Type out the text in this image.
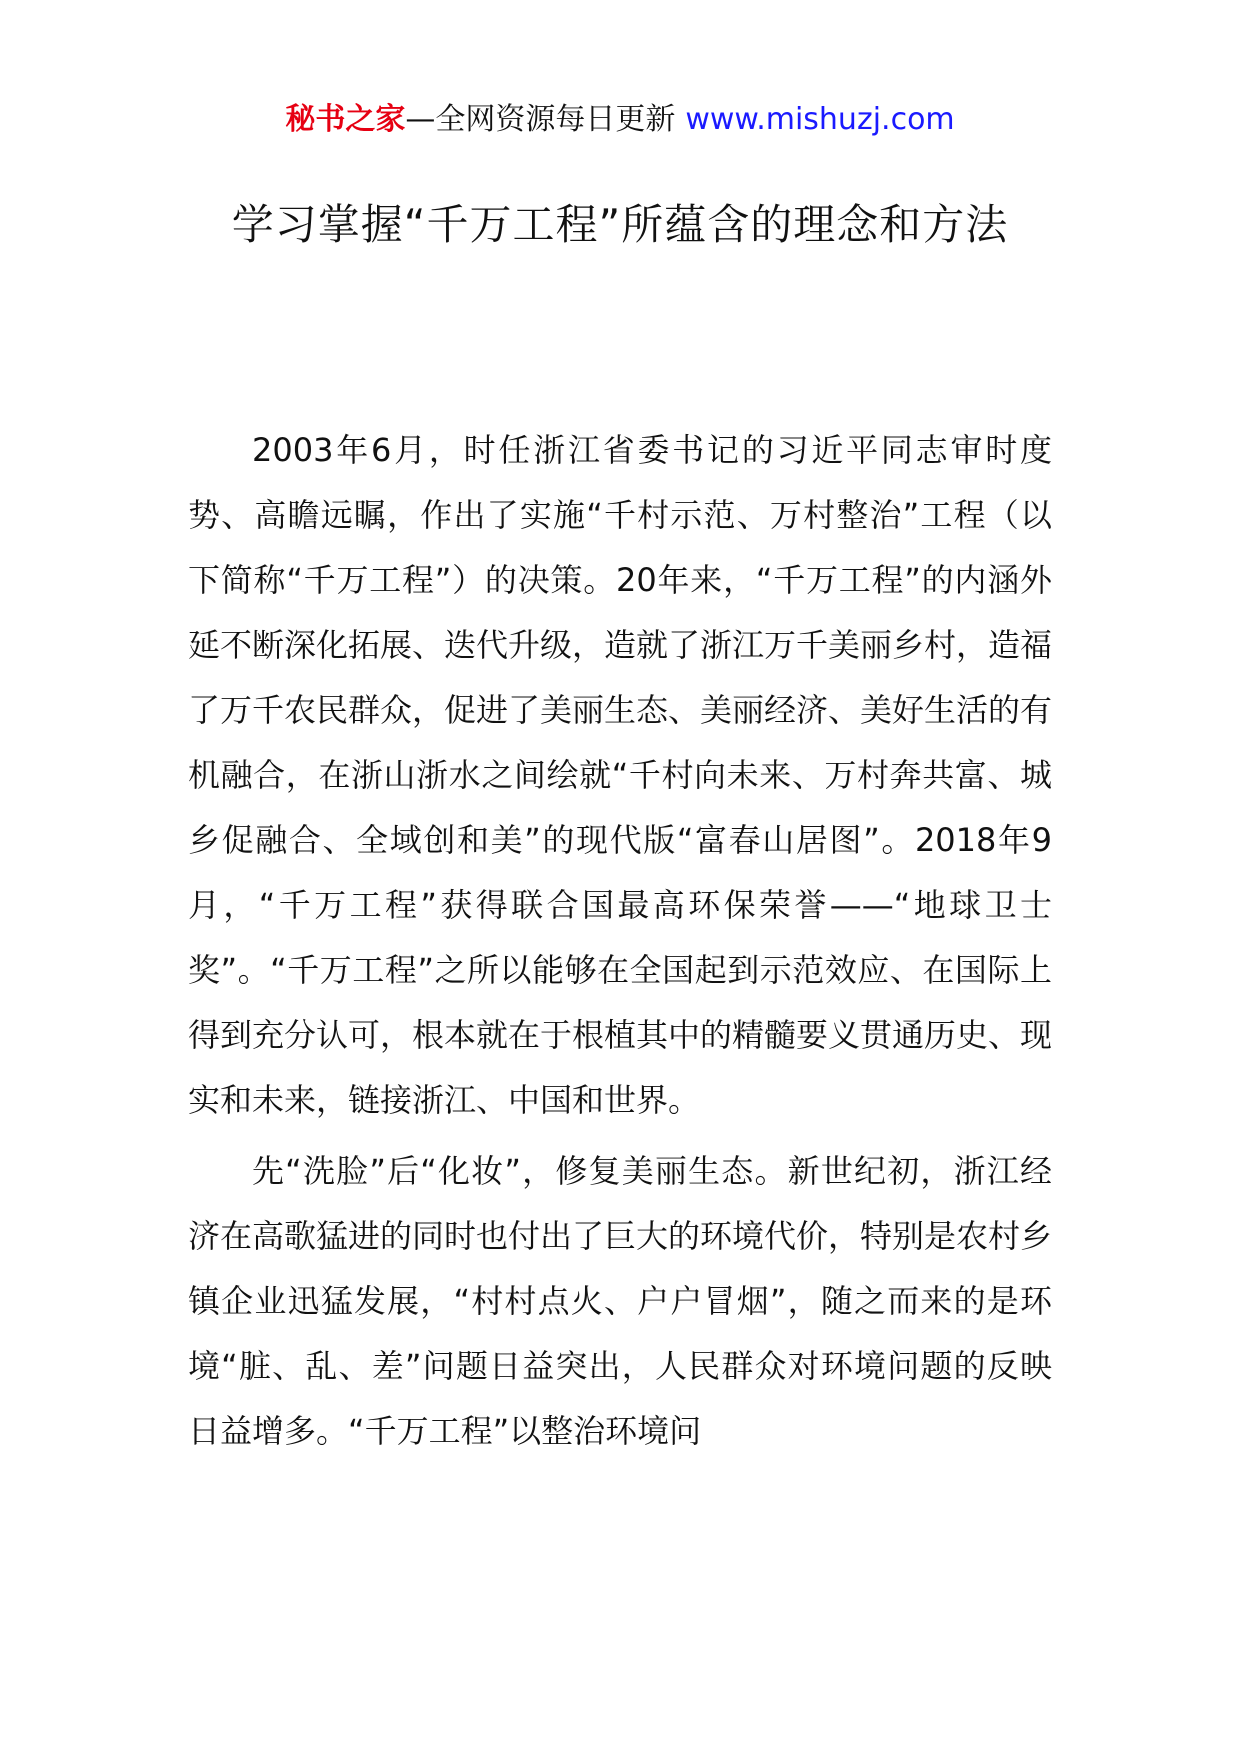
秘书之家—全网资源每日更新 www.mishuzj.com
学习掌握“千万工程”所蕴含的理念和方法

2003年6月，时任浙江省委书记的习近平同志审时度势、高瞻远瞩，作出了实施“千村示范、万村整治”工程（以下简称“千万工程”）的决策。20年来，“千万工程”的内涵外延不断深化拓展、迭代升级，造就了浙江万千美丽乡村，造福了万千农民群众，促进了美丽生态、美丽经济、美好生活的有机融合，在浙山浙水之间绘就“千村向未来、万村奔共富、城乡促融合、全域创和美”的现代版“富春山居图”。2018年9月，“千万工程”获得联合国最高环保荣誉——“地球卫士奖”。“千万工程”之所以能够在全国起到示范效应、在国际上得到充分认可，根本就在于根植其中的精髓要义贯通历史、现实和未来，链接浙江、中国和世界。

先“洗脸”后“化妆”，修复美丽生态。新世纪初，浙江经济在高歌猛进的同时也付出了巨大的环境代价，特别是农村乡镇企业迅猛发展，“村村点火、户户冒烟”，随之而来的是环境“脏、乱、差”问题日益突出，人民群众对环境问题的反映日益增多。“千万工程”以整治环境问
